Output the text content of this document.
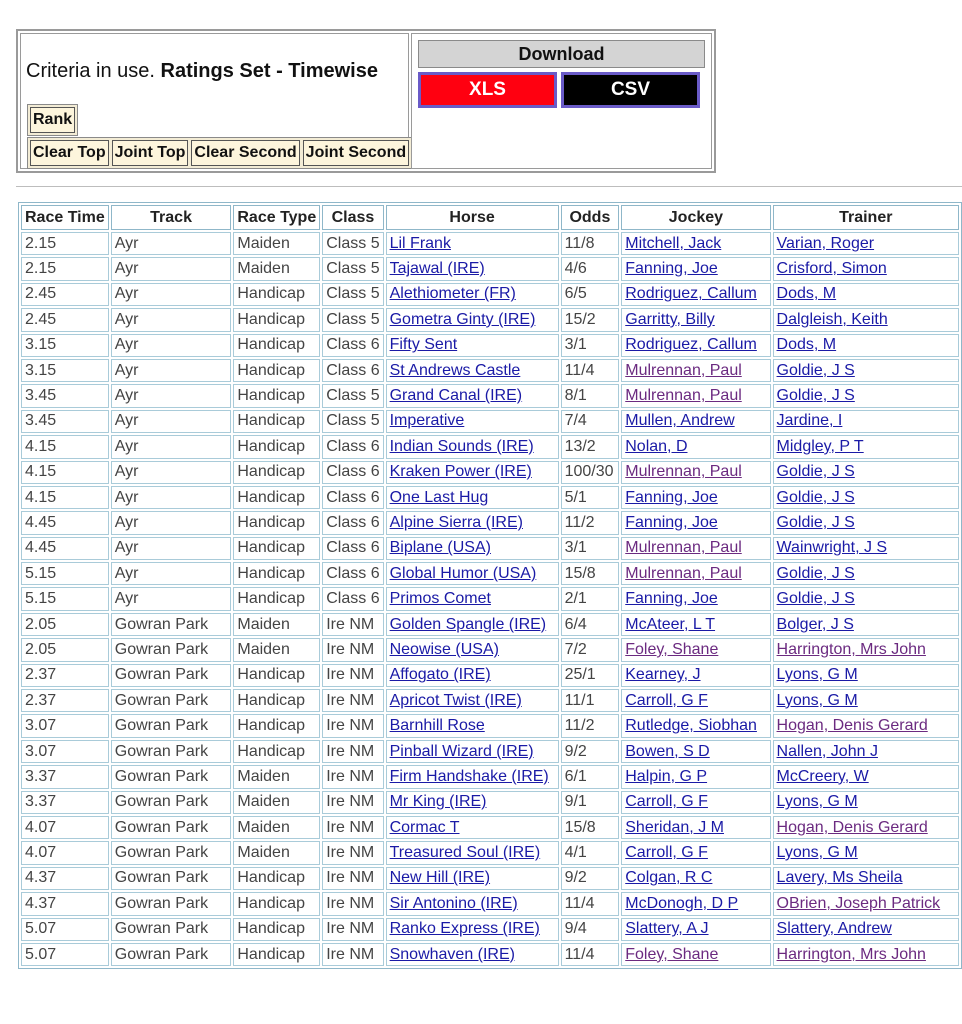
Criteria in use. Ratings Set - Timewise
Rank
Clear Top Joint Top Clear Second Joint Second
Download
XLS	CSV
Race Time	Track	Race Type	Class	Horse	Odds	Jockey	Trainer
2.15	Ayr	Maiden	Class 5	Lil Frank	11/8	Mitchell, Jack	Varian, Roger
2.15	Ayr	Maiden	Class 5	Tajawal (IRE)	4/6	Fanning, Joe	Crisford, Simon
2.45	Ayr	Handicap	Class 5	Alethiometer (FR)	6/5	Rodriguez, Callum	Dods, M
2.45	Ayr	Handicap	Class 5	Gometra Ginty (IRE)	15/2	Garritty, Billy	Dalgleish, Keith
3.15	Ayr	Handicap	Class 6	Fifty Sent	3/1	Rodriguez, Callum	Dods, M
3.15	Ayr	Handicap	Class 6	St Andrews Castle	11/4	Mulrennan, Paul	Goldie, J S
3.45	Ayr	Handicap	Class 5	Grand Canal (IRE)	8/1	Mulrennan, Paul	Goldie, J S
3.45	Ayr	Handicap	Class 5	Imperative	7/4	Mullen, Andrew	Jardine, I
4.15	Ayr	Handicap	Class 6	Indian Sounds (IRE)	13/2	Nolan, D	Midgley, P T
4.15	Ayr	Handicap	Class 6	Kraken Power (IRE)	100/30	Mulrennan, Paul	Goldie, J S
4.15	Ayr	Handicap	Class 6	One Last Hug	5/1	Fanning, Joe	Goldie, J S
4.45	Ayr	Handicap	Class 6	Alpine Sierra (IRE)	11/2	Fanning, Joe	Goldie, J S
4.45	Ayr	Handicap	Class 6	Biplane (USA)	3/1	Mulrennan, Paul	Wainwright, J S
5.15	Ayr	Handicap	Class 6	Global Humor (USA)	15/8	Mulrennan, Paul	Goldie, J S
5.15	Ayr	Handicap	Class 6	Primos Comet	2/1	Fanning, Joe	Goldie, J S
2.05	Gowran Park	Maiden	Ire NM	Golden Spangle (IRE)	6/4	McAteer, L T	Bolger, J S
2.05	Gowran Park	Maiden	Ire NM	Neowise (USA)	7/2	Foley, Shane	Harrington, Mrs John
2.37	Gowran Park	Handicap	Ire NM	Affogato (IRE)	25/1	Kearney, J	Lyons, G M
2.37	Gowran Park	Handicap	Ire NM	Apricot Twist (IRE)	11/1	Carroll, G F	Lyons, G M
3.07	Gowran Park	Handicap	Ire NM	Barnhill Rose	11/2	Rutledge, Siobhan	Hogan, Denis Gerard
3.07	Gowran Park	Handicap	Ire NM	Pinball Wizard (IRE)	9/2	Bowen, S D	Nallen, John J
3.37	Gowran Park	Maiden	Ire NM	Firm Handshake (IRE)	6/1	Halpin, G P	McCreery, W
3.37	Gowran Park	Maiden	Ire NM	Mr King (IRE)	9/1	Carroll, G F	Lyons, G M
4.07	Gowran Park	Maiden	Ire NM	Cormac T	15/8	Sheridan, J M	Hogan, Denis Gerard
4.07	Gowran Park	Maiden	Ire NM	Treasured Soul (IRE)	4/1	Carroll, G F	Lyons, G M
4.37	Gowran Park	Handicap	Ire NM	New Hill (IRE)	9/2	Colgan, R C	Lavery, Ms Sheila
4.37	Gowran Park	Handicap	Ire NM	Sir Antonino (IRE)	11/4	McDonogh, D P	OBrien, Joseph Patrick
5.07	Gowran Park	Handicap	Ire NM	Ranko Express (IRE)	9/4	Slattery, A J	Slattery, Andrew
5.07	Gowran Park	Handicap	Ire NM	Snowhaven (IRE)	11/4	Foley, Shane	Harrington, Mrs John
